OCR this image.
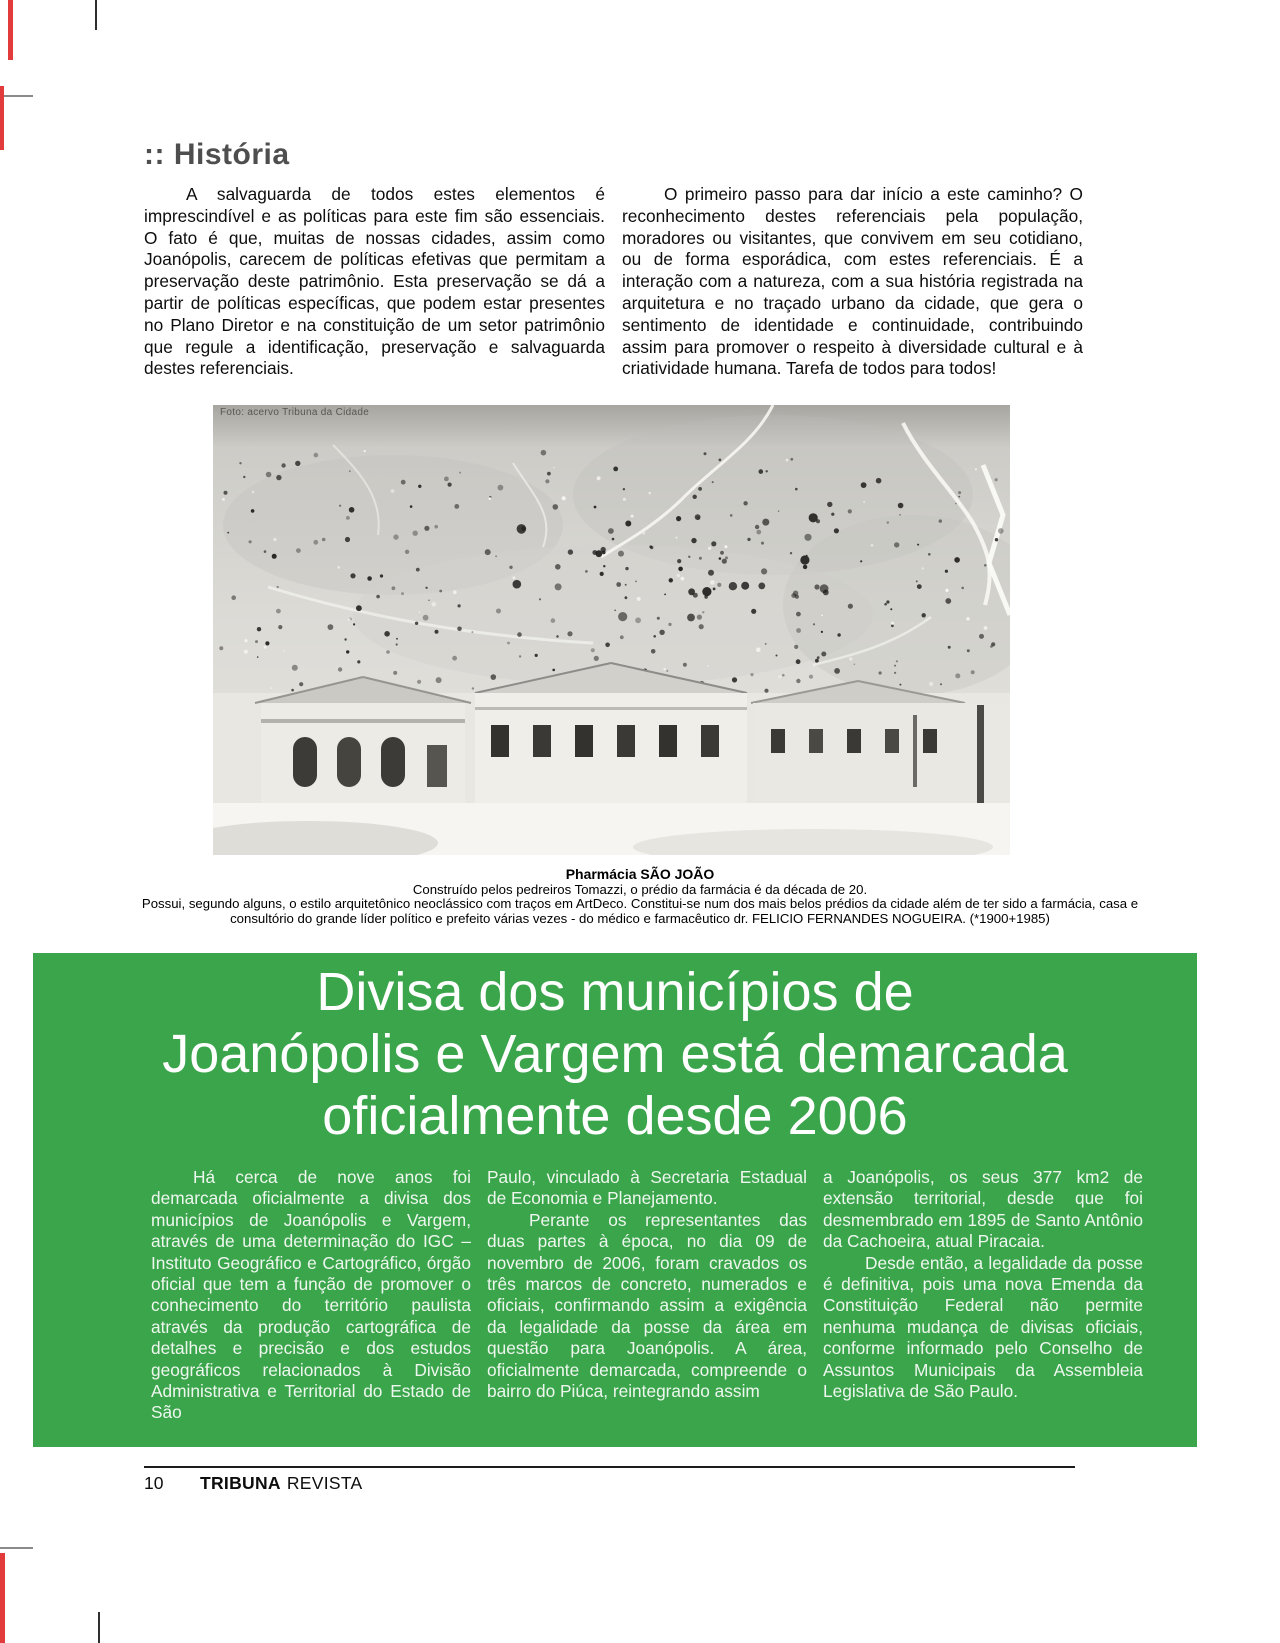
:: História

A salvaguarda de todos estes elementos é imprescindível e as políticas para este fim são essenciais. O fato é que, muitas de nossas cidades, assim como Joanópolis, carecem de políticas efetivas que permitam a preservação deste patrimônio. Esta preservação se dá a partir de políticas específicas, que podem estar presentes no Plano Diretor e na constituição de um setor patrimônio que regule a identificação, preservação e salvaguarda destes referenciais.

O primeiro passo para dar início a este caminho? O reconhecimento destes referenciais pela população, moradores ou visitantes, que convivem em seu cotidiano, ou de forma esporádica, com estes referenciais. É a interação com a natureza, com a sua história registrada na arquitetura e no traçado urbano da cidade, que gera o sentimento de identidade e continuidade, contribuindo assim para promover o respeito à diversidade cultural e à criatividade humana. Tarefa de todos para todos!

Foto: acervo Tribuna da Cidade

Pharmácia SÃO JOÃO

Construído pelos pedreiros Tomazzi, o prédio da farmácia é da década de 20.

Possui, segundo alguns, o estilo arquitetônico neoclássico com traços em ArtDeco. Constitui-se num dos mais belos prédios da cidade além de ter sido a farmácia, casa e consultório do grande líder político e prefeito várias vezes - do médico e farmacêutico dr. FELICIO FERNANDES NOGUEIRA. (*1900+1985)

Divisa dos municípios de
Joanópolis e Vargem está demarcada
oficialmente desde 2006

Há cerca de nove anos foi demarcada oficialmente a divisa dos municípios de Joanópolis e Vargem, através de uma determinação do IGC – Instituto Geográfico e Cartográfico, órgão oficial que tem a função de promover o conhecimento do território paulista através da produção cartográfica de detalhes e precisão e dos estudos geográficos relacionados à Divisão Administrativa e Territorial do Estado de São

Paulo, vinculado à Secretaria Estadual de Economia e Planejamento.

Perante os representantes das duas partes à época, no dia 09 de novembro de 2006, foram cravados os três marcos de concreto, numerados e oficiais, confirmando assim a exigência da legalidade da posse da área em questão para Joanópolis. A área, oficialmente demarcada, compreende o bairro do Piúca, reintegrando assim

a Joanópolis, os seus 377 km2 de extensão territorial, desde que foi desmembrado em 1895 de Santo Antônio da Cachoeira, atual Piracaia.

Desde então, a legalidade da posse é definitiva, pois uma nova Emenda da Constituição Federal não permite nenhuma mudança de divisas oficiais, conforme informado pelo Conselho de Assuntos Municipais da Assembleia Legislativa de São Paulo.

10 TRIBUNA REVISTA
